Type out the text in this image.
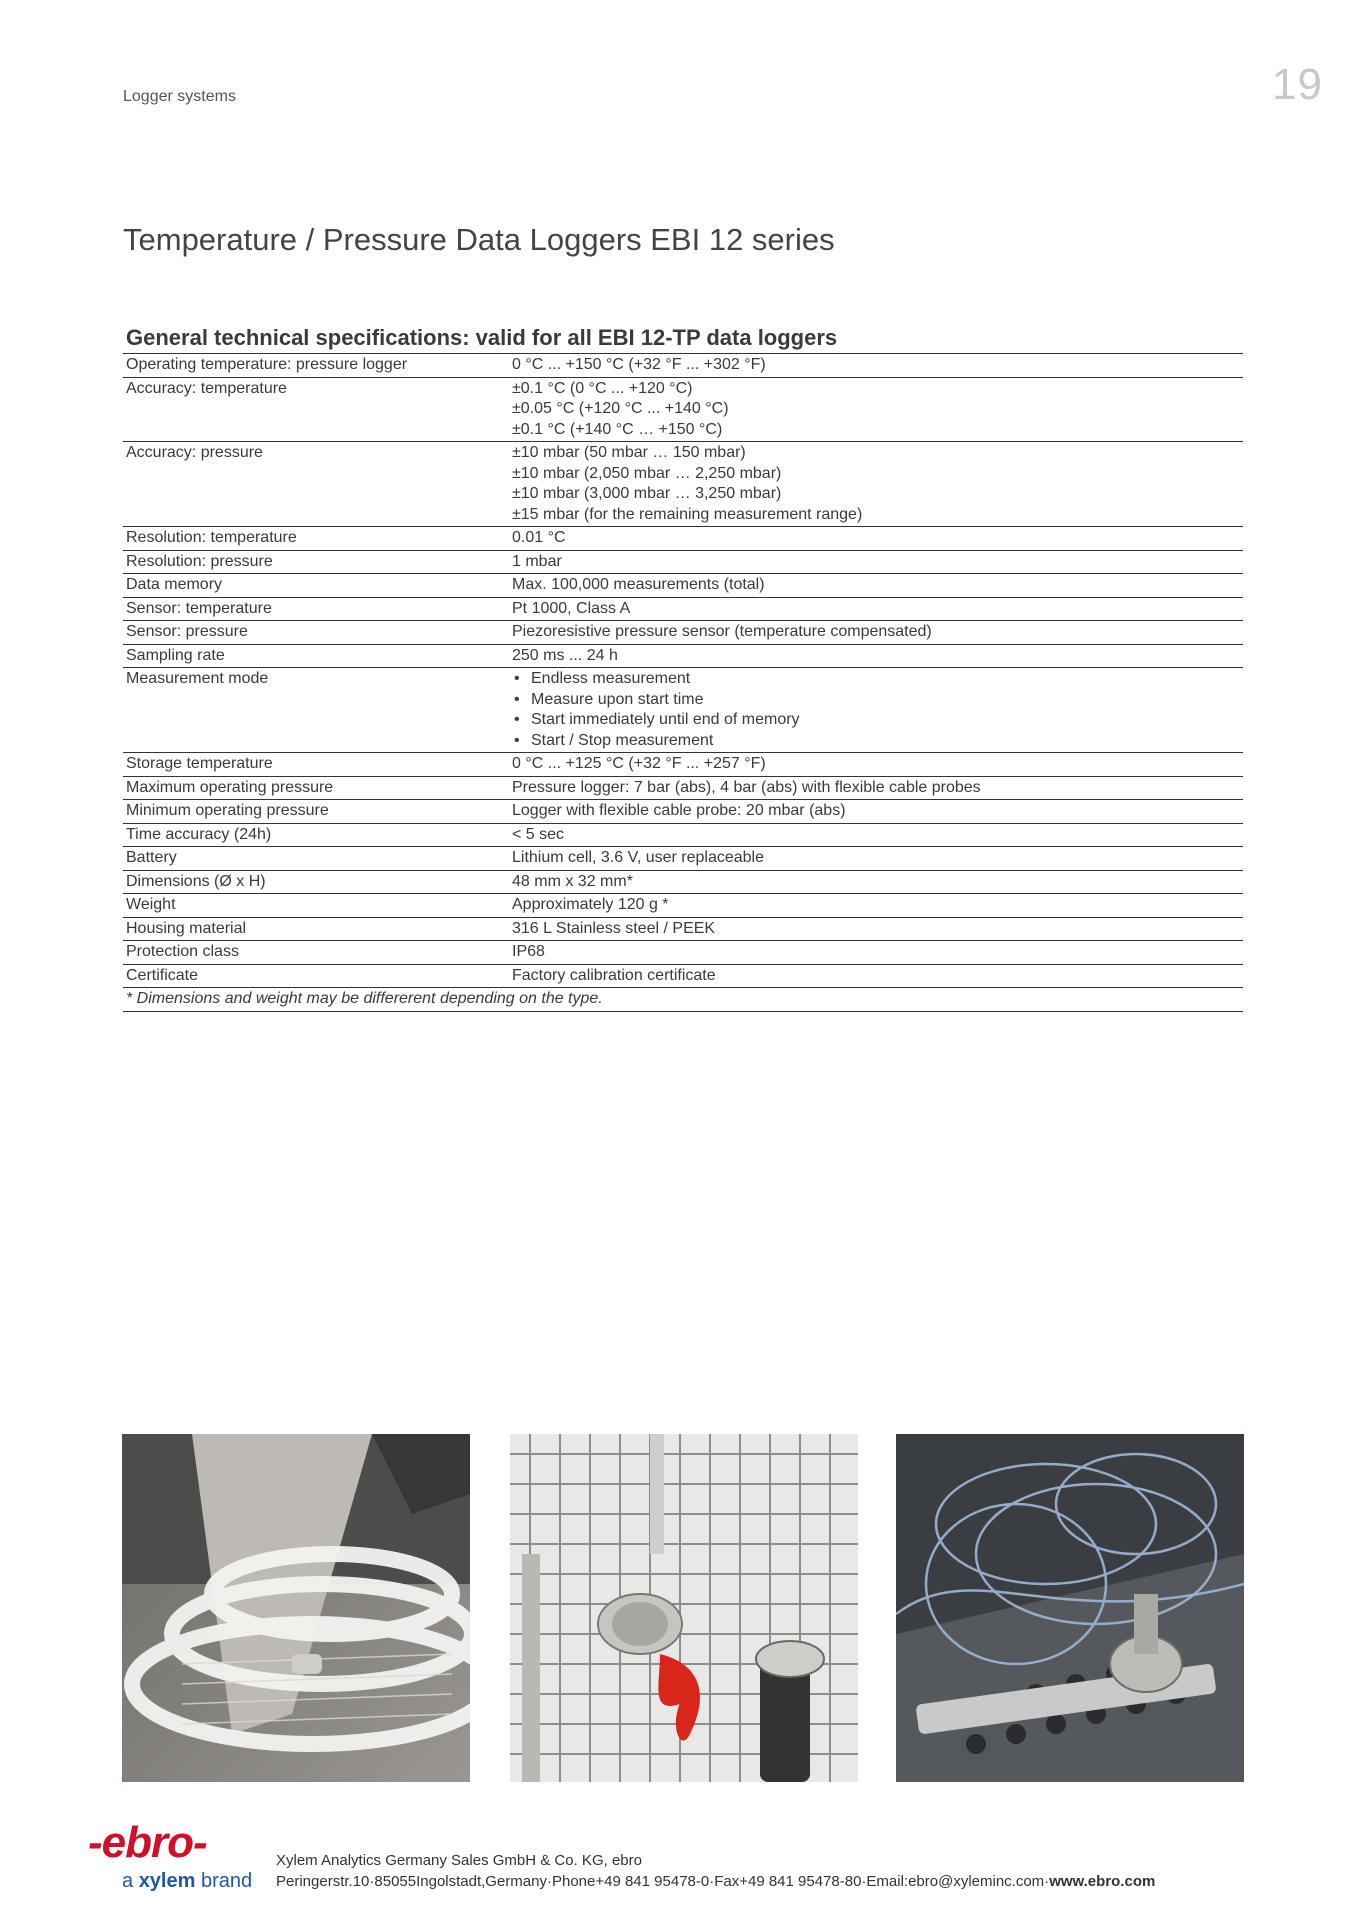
Logger systems	19
Temperature / Pressure Data Loggers EBI 12 series
General technical specifications: valid for all EBI 12-TP data loggers
Operating temperature: pressure logger	0 °C ... +150 °C (+32 °F ... +302 °F)
Accuracy: temperature	±0.1 °C (0 °C ... +120 °C)
±0.05 °C (+120 °C ... +140 °C)
±0.1 °C (+140 °C … +150 °C)
Accuracy: pressure	±10 mbar (50 mbar … 150 mbar)
±10 mbar (2,050 mbar … 2,250 mbar)
±10 mbar (3,000 mbar … 3,250 mbar)
±15 mbar (for the remaining measurement range)
Resolution: temperature	0.01 °C
Resolution: pressure	1 mbar
Data memory	Max. 100,000 measurements (total)
Sensor: temperature	Pt 1000, Class A
Sensor: pressure	Piezoresistive pressure sensor (temperature compensated)
Sampling rate	250 ms ... 24 h
Measurement mode
•	Endless measurement
• Measure upon start time
• Start immediately until end of memory
• Start / Stop measurement
Storage temperature	0 °C ... +125 °C (+32 °F ... +257 °F)
Maximum operating pressure	Pressure logger: 7 bar (abs), 4 bar (abs) with flexible cable probes
Minimum operating pressure	Logger with flexible cable probe: 20 mbar (abs)
Time accuracy (24h)	< 5 sec
Battery	Lithium cell, 3.6 V, user replaceable
Dimensions (Ø x H)	48 mm x 32 mm*
Weight	Approximately 120 g *
Housing material	316 L Stainless steel / PEEK
Protection class	IP68
Certificate	Factory calibration certificate
* Dimensions and weight may be differerent depending on the type.
-ebro-
a xylem brand
Xylem Analytics Germany Sales GmbH & Co. KG, ebro
Peringerstr.10·85055Ingolstadt,Germany·Phone+49 841 95478-0·Fax+49 841 95478-80·Email:ebro@xyleminc.com·www.ebro.com
